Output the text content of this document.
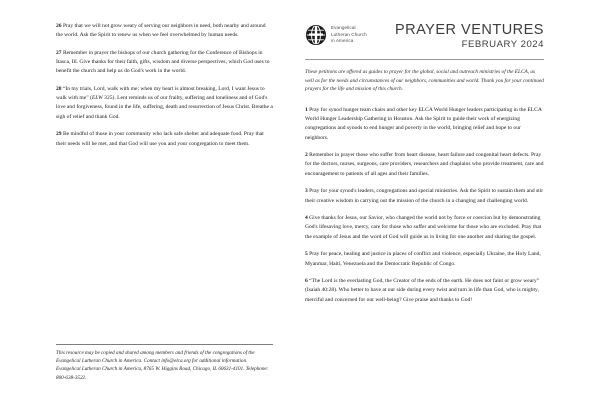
26 Pray that we will not grow weary of serving our neighbors in need, both nearby and around the world. Ask the Spirit to renew us when we feel overwhelmed by human needs.
27 Remember in prayer the bishops of our church gathering for the Conference of Bishops in Itasca, Ill. Give thanks for their faith, gifts, wisdom and diverse perspectives, which God uses to benefit the church and help us do God's work in the world.
28 “In my trials, Lord, walk with me; when my heart is almost breaking, Lord, I want Jesus to walk with me” (ELW 325). Lent reminds us of our frailty, suffering and loneliness and of God's love and forgiveness, found in the life, suffering, death and resurrection of Jesus Christ. Breathe a sigh of relief and thank God.
29 Be mindful of those in your community who lack safe shelter and adequate food. Pray that their needs will be met, and that God will use you and your congregation to meet them.
This resource may be copied and shared among members and friends of the congregations of the Evangelical Lutheran Church in America. Contact info@elca.org for additional information. Evangelical Lutheran Church in America, 8765 W. Higgins Road, Chicago, IL 60631-4101. Telephone: 800-638-3522.
Evangelical
Lutheran Church
in America
PRAYER VENTURES
FEBRUARY 2024
These petitions are offered as guides to prayer for the global, social and outreach ministries of the ELCA, as well as for the needs and circumstances of our neighbors, communities and world. Thank you for your continued prayers for the life and mission of this church.
1 Pray for synod hunger team chairs and other key ELCA World Hunger leaders participating in the ELCA World Hunger Leadership Gathering in Houston. Ask the Spirit to guide their work of energizing congregations and synods to end hunger and poverty in the world, bringing relief and hope to our neighbors.
2 Remember in prayer those who suffer from heart disease, heart failure and congenital heart defects. Pray for the doctors, nurses, surgeons, care providers, researchers and chaplains who provide treatment, care and encouragement to patients of all ages and their families.
3 Pray for your synod's leaders, congregations and special ministries. Ask the Spirit to sustain them and stir their creative wisdom in carrying out the mission of the church in a changing and challenging world.
4 Give thanks for Jesus, our Savior, who changed the world not by force or coercion but by demonstrating God's lifesaving love, mercy, care for those who suffer and welcome for those who are excluded. Pray that the example of Jesus and the word of God will guide us in living for one another and sharing the gospel.
5 Pray for peace, healing and justice in places of conflict and violence, especially Ukraine, the Holy Land, Myanmar, Haiti, Venezuela and the Democratic Republic of Congo.
6 “The Lord is the everlasting God, the Creator of the ends of the earth. He does not faint or grow weary” (Isaiah 40:28). Who better to have at our side during every twist and turn in life than God, who is mighty, merciful and concerned for our well-being? Give praise and thanks to God!
